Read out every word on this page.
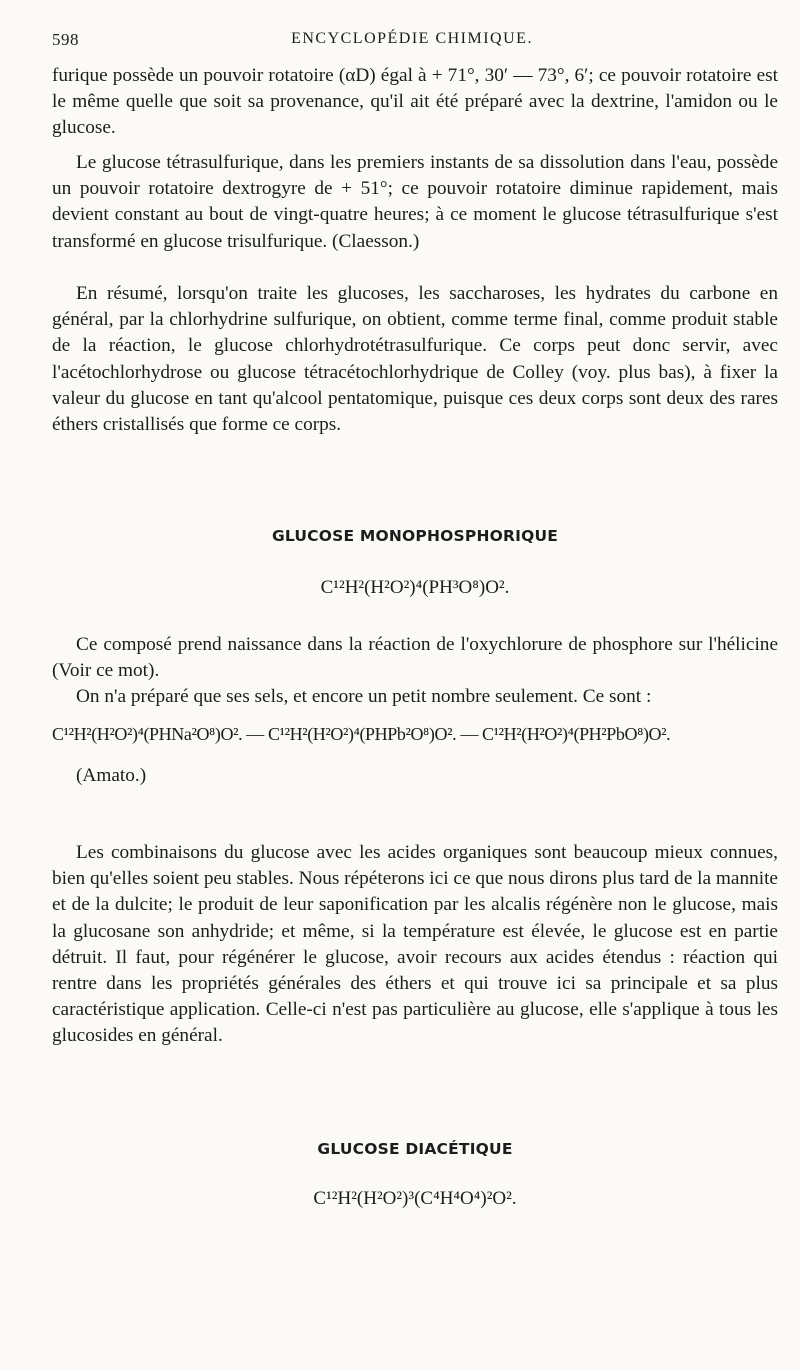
598	ENCYCLOPÉDIE CHIMIQUE.

furique possède un pouvoir rotatoire (αD) égal à + 71°, 30′ — 73°, 6′; ce pouvoir rotatoire est le même quelle que soit sa provenance, qu'il ait été préparé avec la dextrine, l'amidon ou le glucose.

Le glucose tétrasulfurique, dans les premiers instants de sa dissolution dans l'eau, possède un pouvoir rotatoire dextrogyre de + 51°; ce pouvoir rotatoire diminue rapidement, mais devient constant au bout de vingt-quatre heures; à ce moment le glucose tétrasulfurique s'est transformé en glucose trisulfurique. (Claesson.)

En résumé, lorsqu'on traite les glucoses, les saccharoses, les hydrates du carbone en général, par la chlorhydrine sulfurique, on obtient, comme terme final, comme produit stable de la réaction, le glucose chlorhydrotétrasulfurique. Ce corps peut donc servir, avec l'acétochlorhydrose ou glucose tétracétochlorhydrique de Colley (voy. plus bas), à fixer la valeur du glucose en tant qu'alcool pentatomique, puisque ces deux corps sont deux des rares éthers cristallisés que forme ce corps.

GLUCOSE MONOPHOSPHORIQUE

C¹²H²(H²O²)⁴(PH³O⁸)O².

Ce composé prend naissance dans la réaction de l'oxychlorure de phosphore sur l'hélicine (Voir ce mot).

On n'a préparé que ses sels, et encore un petit nombre seulement. Ce sont :

C¹²H²(H²O²)⁴(PHNa²O⁸)O². — C¹²H²(H²O²)⁴(PHPb²O⁸)O². — C¹²H²(H²O²)⁴(PH²PbO⁸)O².

(Amato.)

Les combinaisons du glucose avec les acides organiques sont beaucoup mieux connues, bien qu'elles soient peu stables. Nous répéterons ici ce que nous dirons plus tard de la mannite et de la dulcite; le produit de leur saponification par les alcalis régénère non le glucose, mais la glucosane son anhydride; et même, si la température est élevée, le glucose est en partie détruit. Il faut, pour régénérer le glucose, avoir recours aux acides étendus : réaction qui rentre dans les propriétés générales des éthers et qui trouve ici sa principale et sa plus caractéristique application. Celle-ci n'est pas particulière au glucose, elle s'applique à tous les glucosides en général.

GLUCOSE DIACÉTIQUE

C¹²H²(H²O²)³(C⁴H⁴O⁴)²O².
